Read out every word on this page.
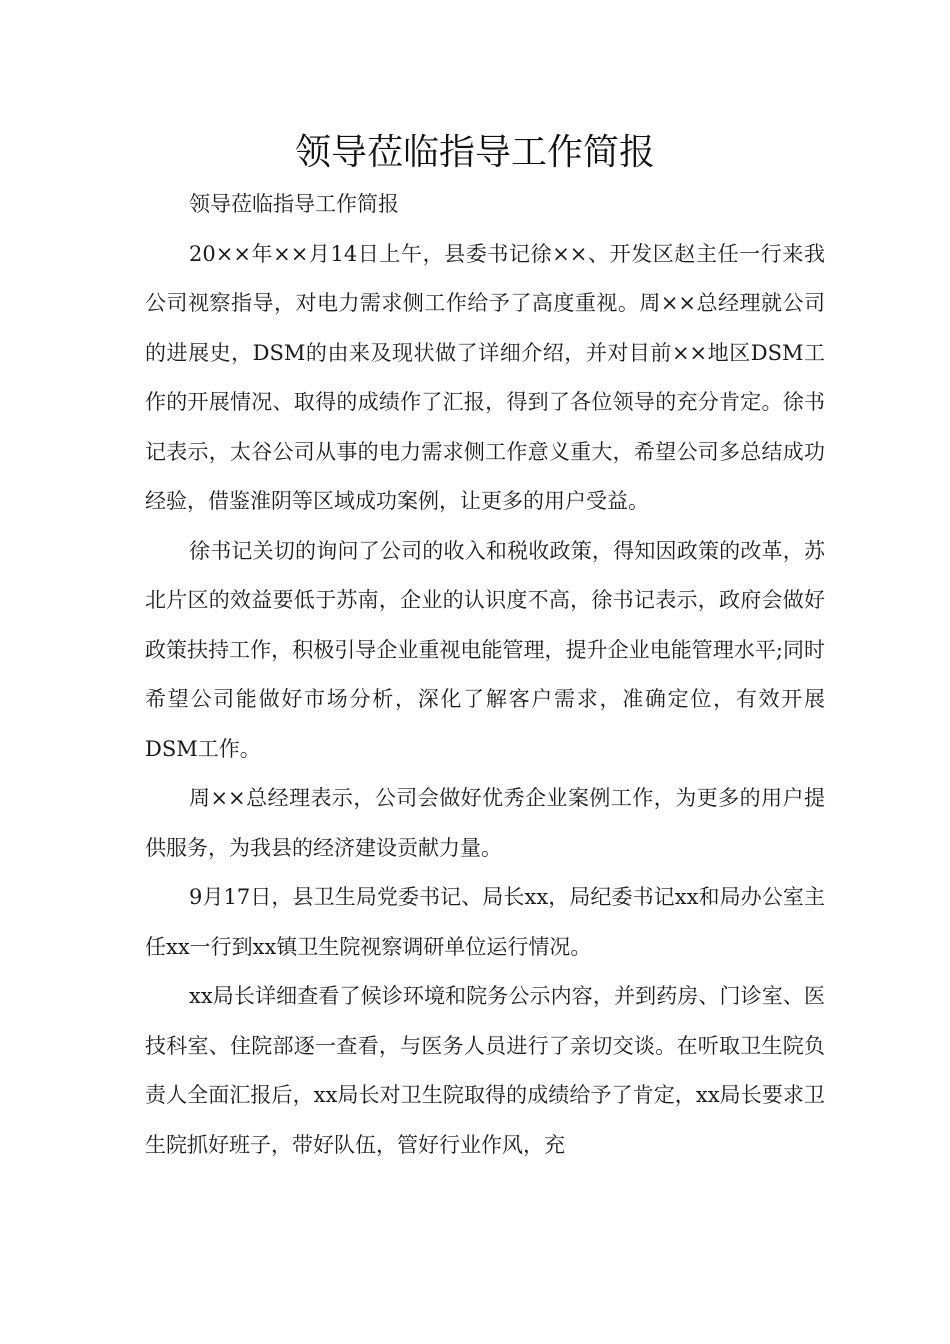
领导莅临指导工作简报

领导莅临指导工作简报

20××年××月14日上午，县委书记徐××、开发区赵主任一行来我公司视察指导，对电力需求侧工作给予了高度重视。周××总经理就公司的进展史，DSM的由来及现状做了详细介绍，并对目前××地区DSM工作的开展情况、取得的成绩作了汇报，得到了各位领导的充分肯定。徐书记表示，太谷公司从事的电力需求侧工作意义重大，希望公司多总结成功经验，借鉴淮阴等区域成功案例，让更多的用户受益。

徐书记关切的询问了公司的收入和税收政策，得知因政策的改革，苏北片区的效益要低于苏南，企业的认识度不高，徐书记表示，政府会做好政策扶持工作，积极引导企业重视电能管理，提升企业电能管理水平;同时希望公司能做好市场分析，深化了解客户需求，准确定位，有效开展DSM工作。

周××总经理表示，公司会做好优秀企业案例工作，为更多的用户提供服务，为我县的经济建设贡献力量。

9月17日，县卫生局党委书记、局长xx，局纪委书记xx和局办公室主任xx一行到xx镇卫生院视察调研单位运行情况。

xx局长详细查看了候诊环境和院务公示内容，并到药房、门诊室、医技科室、住院部逐一查看，与医务人员进行了亲切交谈。在听取卫生院负责人全面汇报后，xx局长对卫生院取得的成绩给予了肯定，xx局长要求卫生院抓好班子，带好队伍，管好行业作风，充
